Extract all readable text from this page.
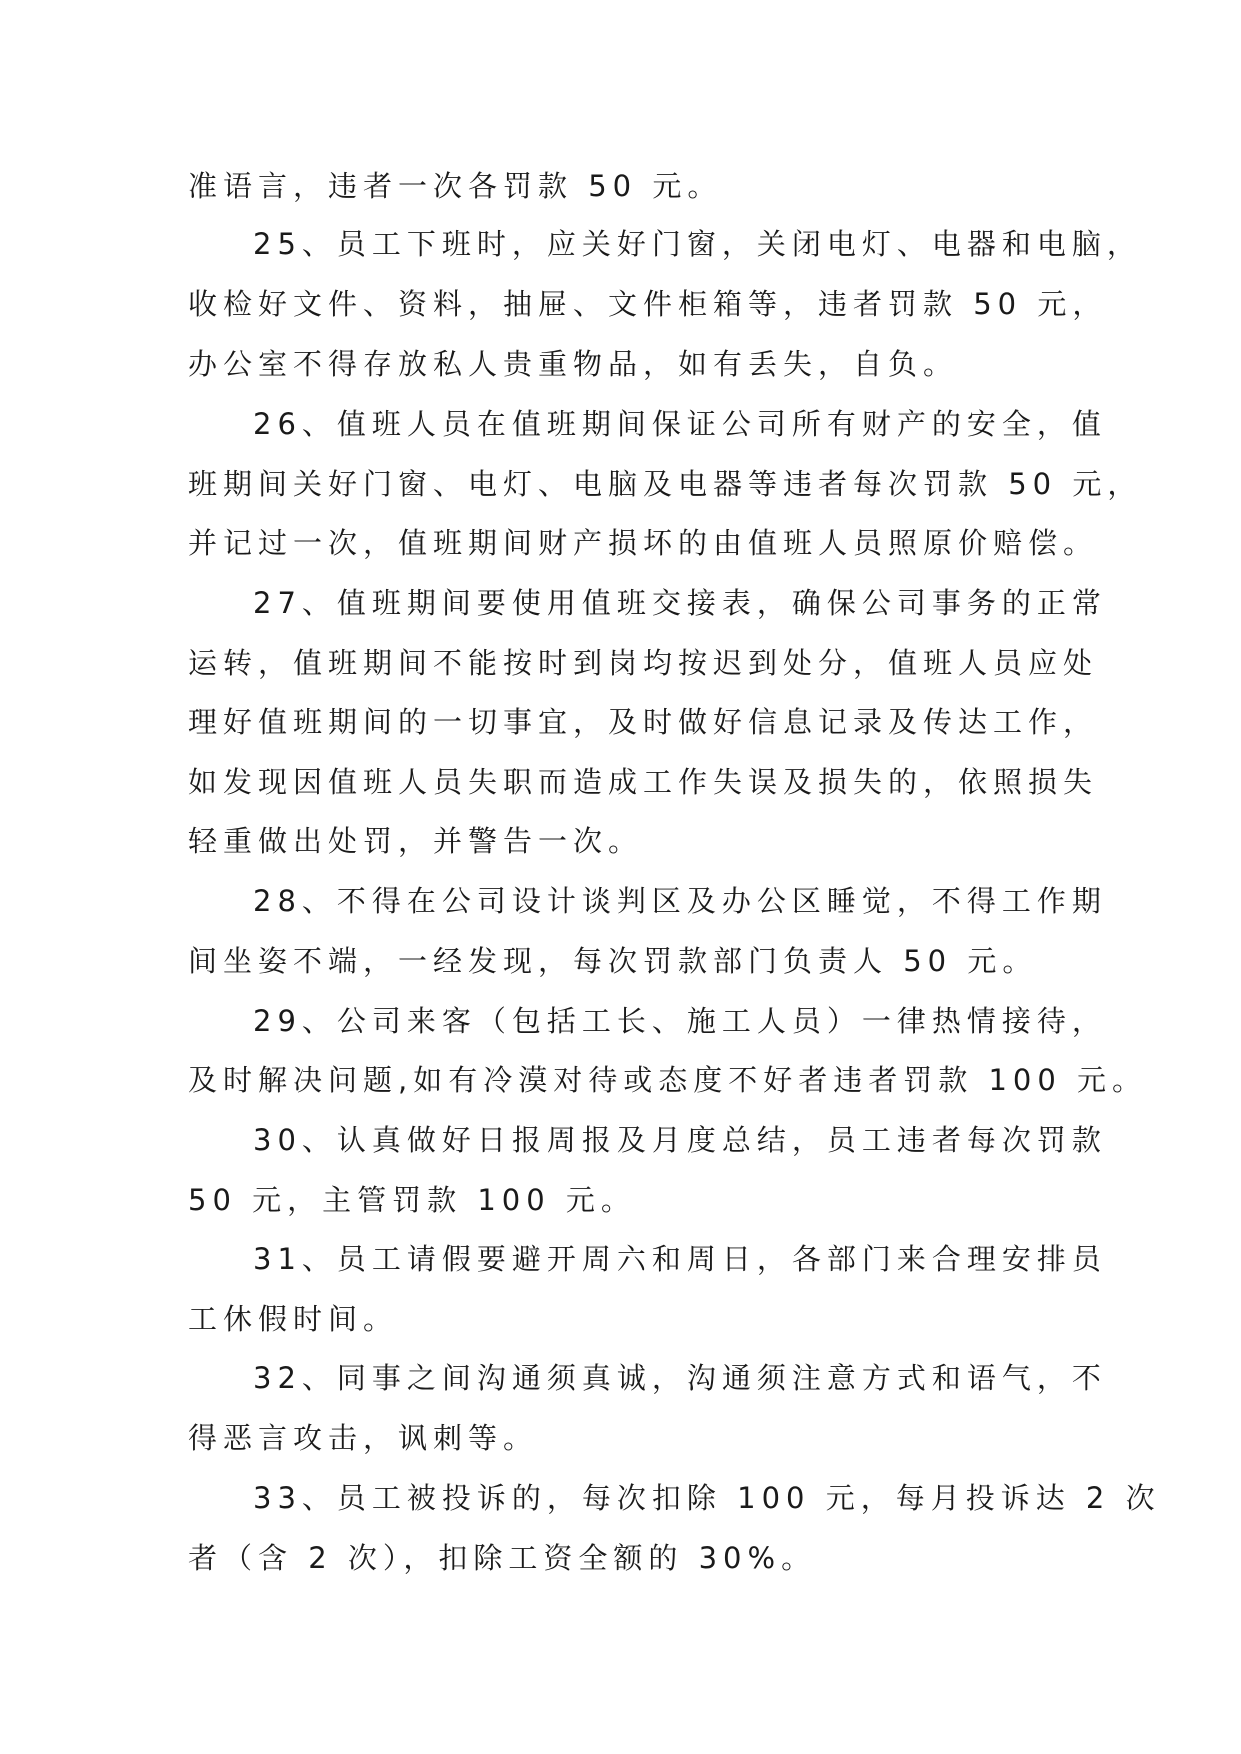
准语言，违者一次各罚款 50 元。
25、员工下班时，应关好门窗，关闭电灯、电器和电脑，
收检好文件、资料，抽屉、文件柜箱等，违者罚款 50 元，
办公室不得存放私人贵重物品，如有丢失，自负。
26、值班人员在值班期间保证公司所有财产的安全，值
班期间关好门窗、电灯、电脑及电器等违者每次罚款 50 元，
并记过一次，值班期间财产损坏的由值班人员照原价赔偿。
27、值班期间要使用值班交接表，确保公司事务的正常
运转，值班期间不能按时到岗均按迟到处分，值班人员应处
理好值班期间的一切事宜，及时做好信息记录及传达工作，
如发现因值班人员失职而造成工作失误及损失的，依照损失
轻重做出处罚，并警告一次。
28、不得在公司设计谈判区及办公区睡觉，不得工作期
间坐姿不端，一经发现，每次罚款部门负责人 50 元。
29、公司来客（包括工长、施工人员）一律热情接待，
及时解决问题,如有冷漠对待或态度不好者违者罚款 100 元。
30、认真做好日报周报及月度总结，员工违者每次罚款
50 元，主管罚款 100 元。
31、员工请假要避开周六和周日，各部门来合理安排员
工休假时间。
32、同事之间沟通须真诚，沟通须注意方式和语气，不
得恶言攻击，讽刺等。
33、员工被投诉的，每次扣除 100 元，每月投诉达 2 次
者（含 2 次），扣除工资全额的 30%。
